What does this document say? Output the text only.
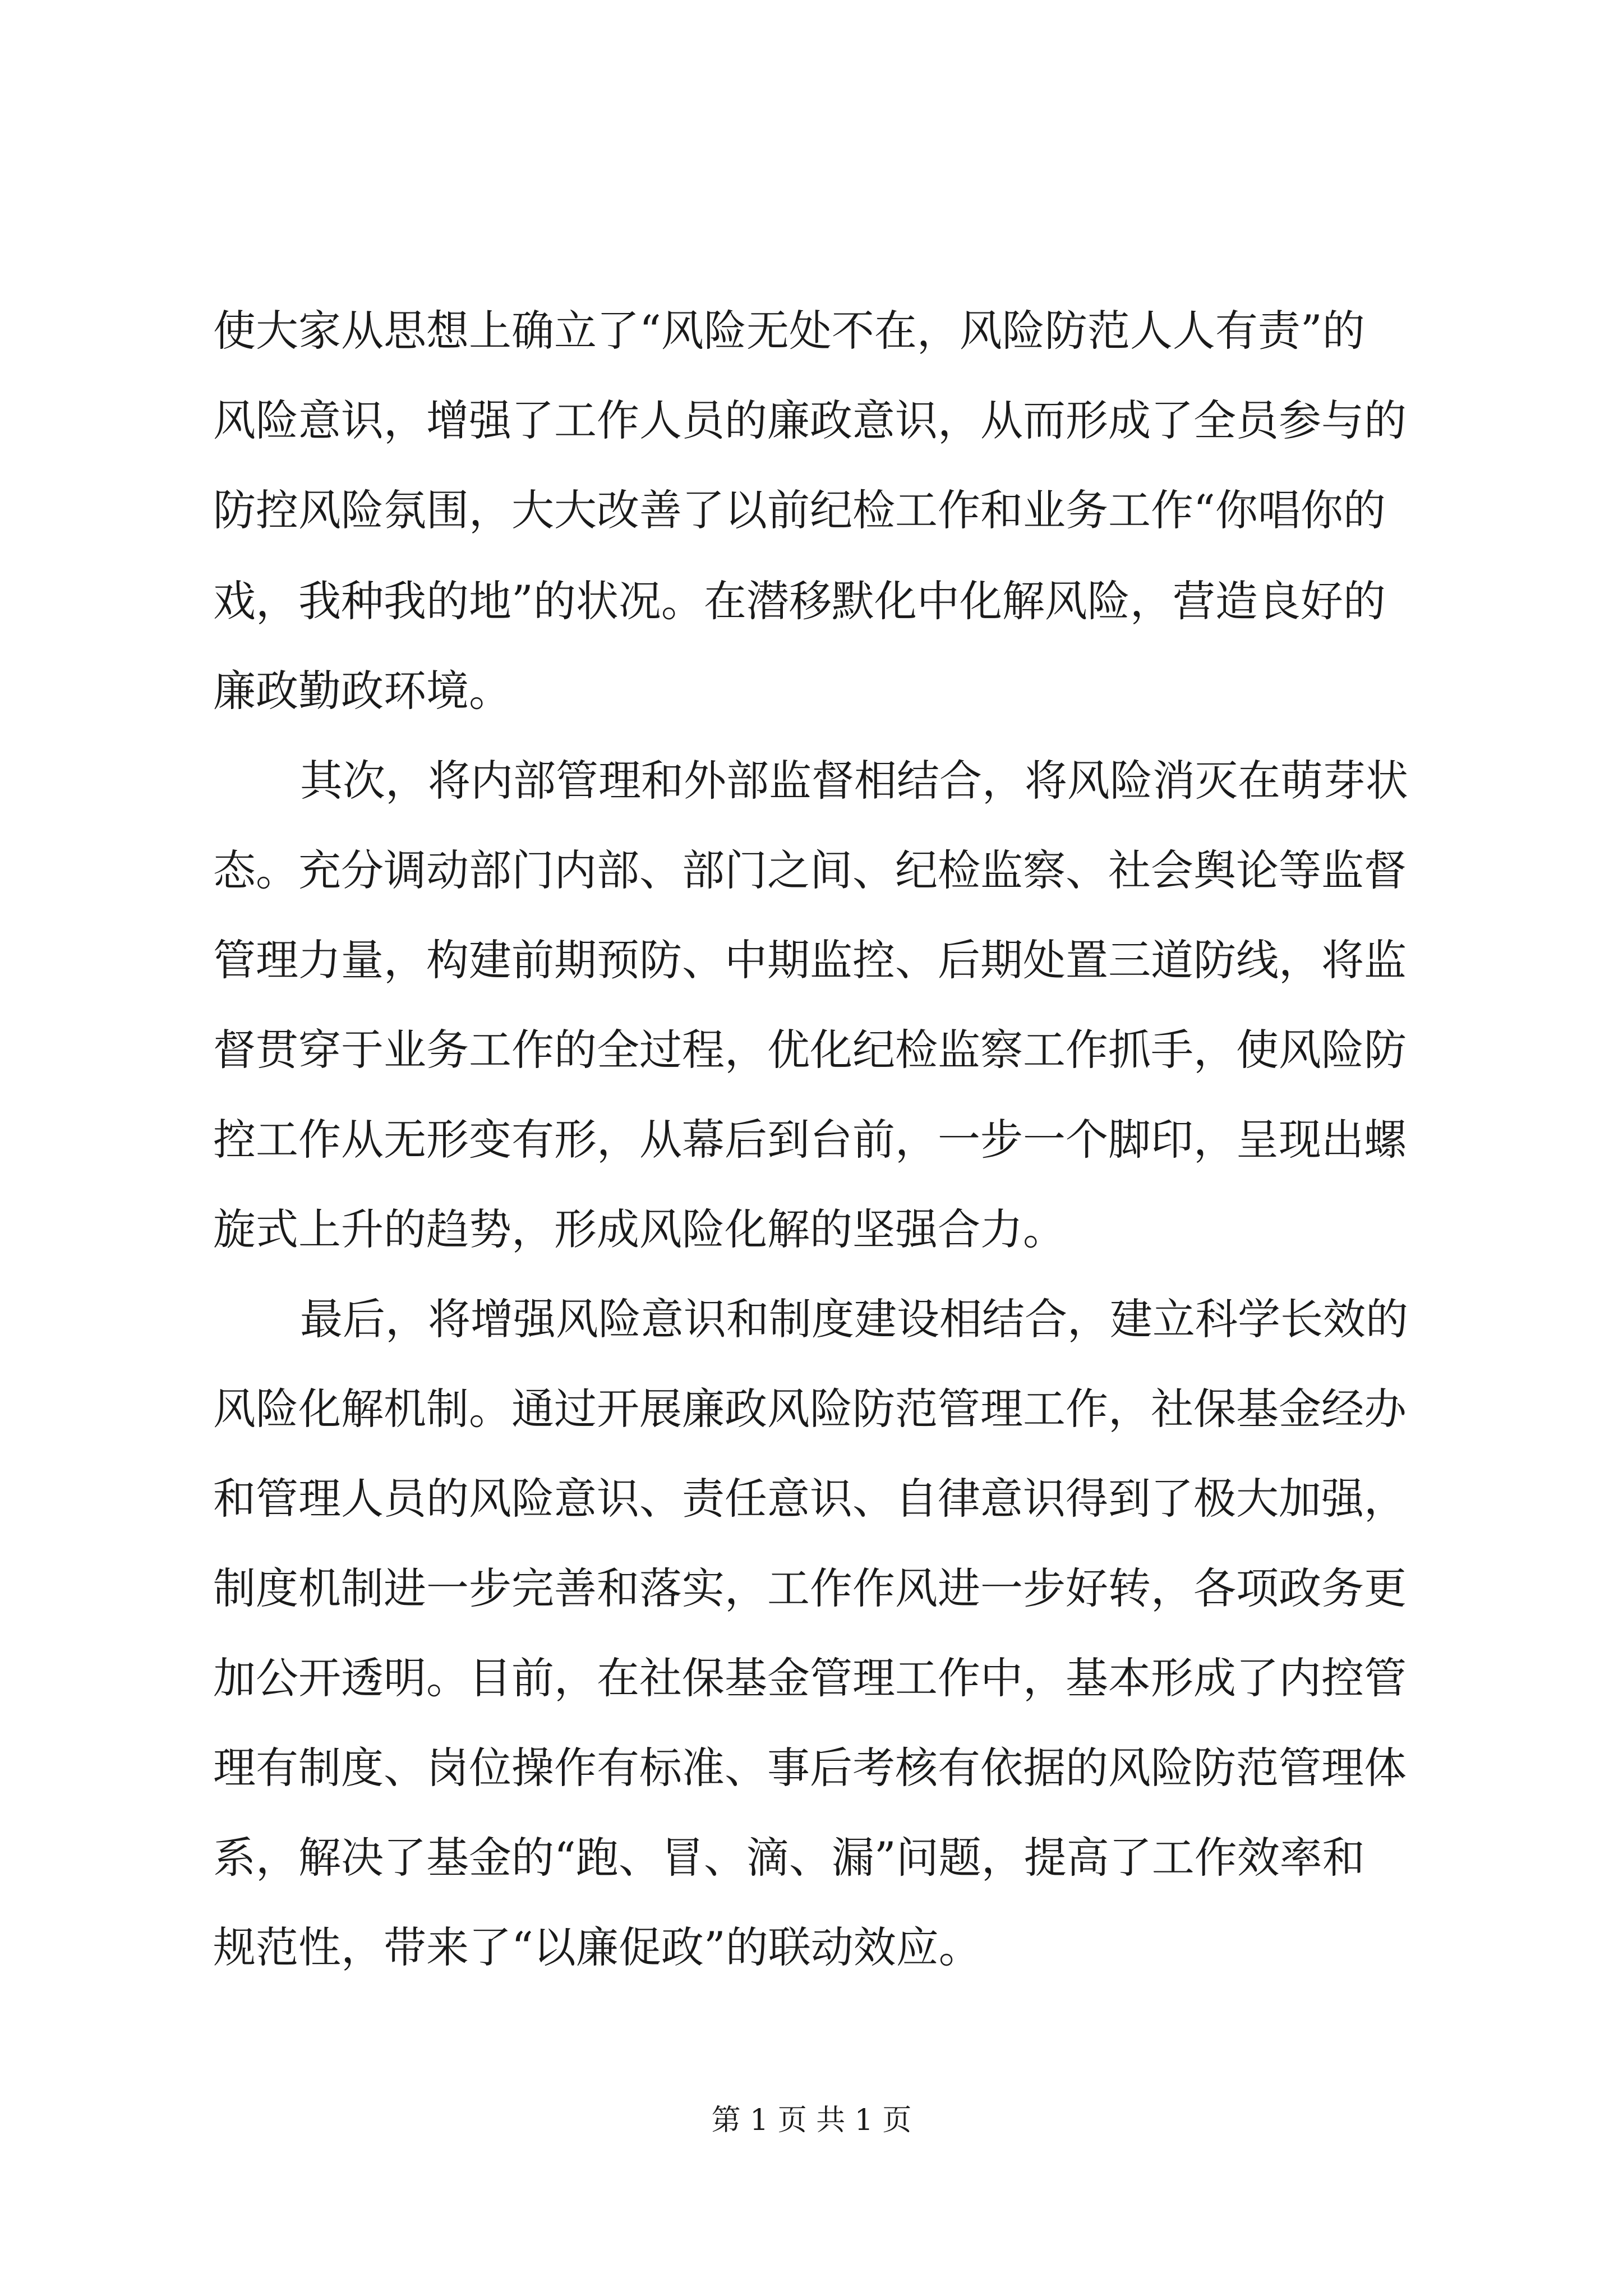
使大家从思想上确立了“风险无处不在，风险防范人人有责”的
风险意识，增强了工作人员的廉政意识，从而形成了全员参与的
防控风险氛围，大大改善了以前纪检工作和业务工作“你唱你的
戏，我种我的地”的状况。在潜移默化中化解风险，营造良好的
廉政勤政环境。
其次，将内部管理和外部监督相结合，将风险消灭在萌芽状
态。充分调动部门内部、部门之间、纪检监察、社会舆论等监督
管理力量，构建前期预防、中期监控、后期处置三道防线，将监
督贯穿于业务工作的全过程，优化纪检监察工作抓手，使风险防
控工作从无形变有形，从幕后到台前，一步一个脚印，呈现出螺
旋式上升的趋势，形成风险化解的坚强合力。
最后，将增强风险意识和制度建设相结合，建立科学长效的
风险化解机制。通过开展廉政风险防范管理工作，社保基金经办
和管理人员的风险意识、责任意识、自律意识得到了极大加强，
制度机制进一步完善和落实，工作作风进一步好转，各项政务更
加公开透明。目前，在社保基金管理工作中，基本形成了内控管
理有制度、岗位操作有标准、事后考核有依据的风险防范管理体
系，解决了基金的“跑、冒、滴、漏”问题，提高了工作效率和
规范性，带来了“以廉促政”的联动效应。
第 1 页 共 1 页
